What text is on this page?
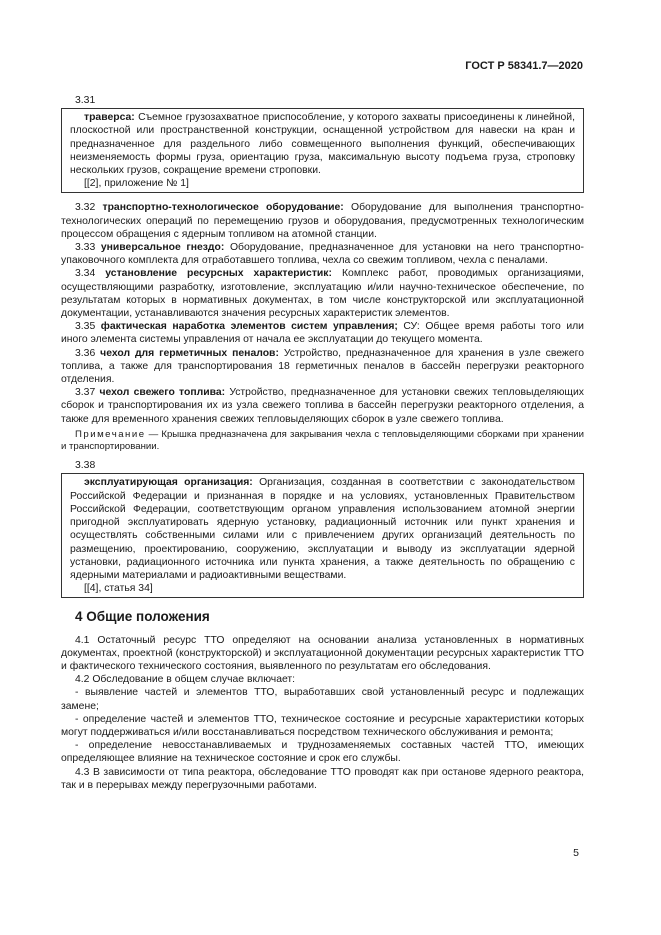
ГОСТ Р 58341.7—2020

3.31

траверса: Съемное грузозахватное приспособление, у которого захваты присоединены к линейной, плоскостной или пространственной конструкции, оснащенной устройством для навески на кран и предназначенное для раздельного либо совмещенного выполнения функций, обеспечивающих неизменяемость формы груза, ориентацию груза, максимальную высоту подъема груза, строповку нескольких грузов, сокращение времени строповки.

[[2], приложение № 1]

3.32 транспортно-технологическое оборудование: Оборудование для выполнения транспортно-технологических операций по перемещению грузов и оборудования, предусмотренных технологическим процессом обращения с ядерным топливом на атомной станции.

3.33 универсальное гнездо: Оборудование, предназначенное для установки на него транспортно-упаковочного комплекта для отработавшего топлива, чехла со свежим топливом, чехла с пеналами.

3.34 установление ресурсных характеристик: Комплекс работ, проводимых организациями, осуществляющими разработку, изготовление, эксплуатацию и/или научно-техническое обеспечение, по результатам которых в нормативных документах, в том числе конструкторской или эксплуатационной документации, устанавливаются значения ресурсных характеристик элементов.

3.35 фактическая наработка элементов систем управления; СУ: Общее время работы того или иного элемента системы управления от начала ее эксплуатации до текущего момента.

3.36 чехол для герметичных пеналов: Устройство, предназначенное для хранения в узле свежего топлива, а также для транспортирования 18 герметичных пеналов в бассейн перегрузки реакторного отделения.

3.37 чехол свежего топлива: Устройство, предназначенное для установки свежих тепловыделяющих сборок и транспортирования их из узла свежего топлива в бассейн перегрузки реакторного отделения, а также для временного хранения свежих тепловыделяющих сборок в узле свежего топлива.

Примечание — Крышка предназначена для закрывания чехла с тепловыделяющими сборками при хранении и транспортировании.

3.38

эксплуатирующая организация: Организация, созданная в соответствии с законодательством Российской Федерации и признанная в порядке и на условиях, установленных Правительством Российской Федерации, соответствующим органом управления использованием атомной энергии пригодной эксплуатировать ядерную установку, радиационный источник или пункт хранения и осуществлять собственными силами или с привлечением других организаций деятельность по размещению, проектированию, сооружению, эксплуатации и выводу из эксплуатации ядерной установки, радиационного источника или пункта хранения, а также деятельность по обращению с ядерными материалами и радиоактивными веществами.

[[4], статья 34]

4 Общие положения

4.1 Остаточный ресурс ТТО определяют на основании анализа установленных в нормативных документах, проектной (конструкторской) и эксплуатационной документации ресурсных характеристик ТТО и фактического технического состояния, выявленного по результатам его обследования.

4.2 Обследование в общем случае включает:

- выявление частей и элементов ТТО, выработавших свой установленный ресурс и подлежащих замене;

- определение частей и элементов ТТО, техническое состояние и ресурсные характеристики которых могут поддерживаться и/или восстанавливаться посредством технического обслуживания и ремонта;

- определение невосстанавливаемых и труднозаменяемых составных частей ТТО, имеющих определяющее влияние на техническое состояние и срок его службы.

4.3 В зависимости от типа реактора, обследование ТТО проводят как при останове ядерного реактора, так и в перерывах между перегрузочными работами.

5
